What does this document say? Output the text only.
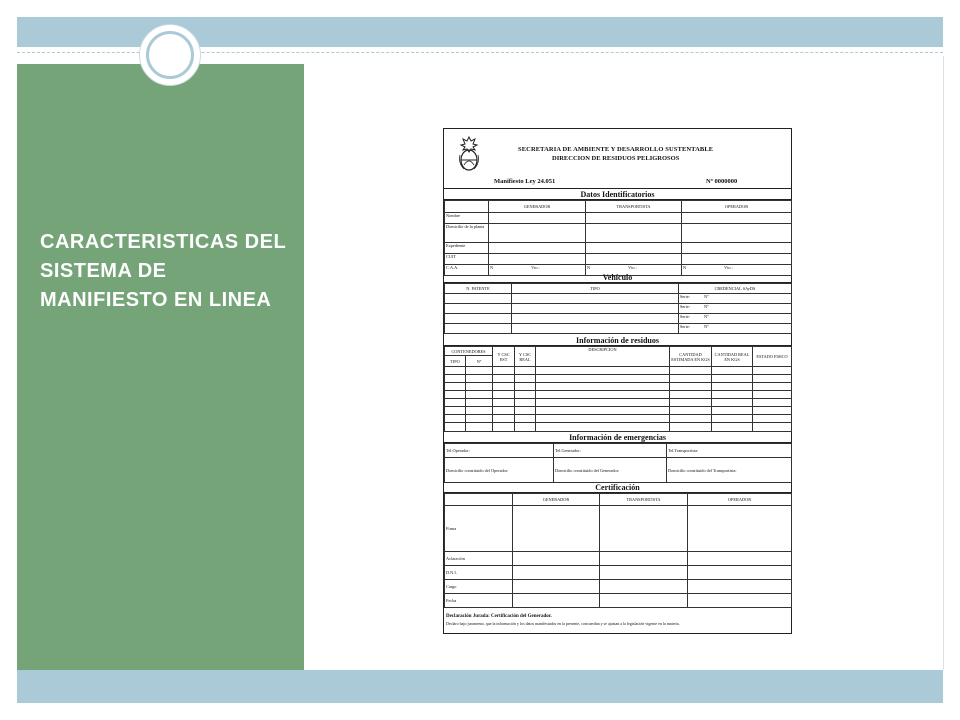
CARACTERISTICAS DEL SISTEMA DE MANIFIESTO EN LINEA
SECRETARIA DE AMBIENTE Y DESARROLLO SUSTENTABLE
DIRECCION DE RESIDUOS PELIGROSOS
Manifiesto Ley 24.051	Nº 0000000
Datos Identificatorios
	GENERADOR	TRANSPORTISTA	OPERADOR
Nombre			
Domicilio de la planta			
Expediente			
CUIT			
C.A.A.	N Vto.:	N Vto.:	N Vto.:
Vehículo
N. PATENTE	TIPO	CREDENCIAL SAyDS
		Serie: Nº
		Serie: Nº
		Serie: Nº
		Serie: Nº
Información de residuos
CONTENEDORES		Y CSC EST	Y CSC REAL	DESCRIPCION	CANTIDAD ESTIMADA EN KGS	CANTIDAD REAL EN KGS	ESTADO FISICO
TIPO	Nº						

Información de emergencias
Tel.Operador:	Tel.Generador:	Tel.Transportista:
Domicilio constituido del Operador:	Domicilio constituido del Generador:	Domicilio constituido del Transportista:
Certificación
	GENERADOR	TRANSPORTISTA	OPERADOR
Firma			
Aclaración			
D.N.I.			
Cargo			
Fecha			
Declaración Jurada: Certificación del Generador.
Declaro bajo juramento, que la información y los datos manifestados en la presente, concuerdan y se ajustan a la legislación vigente en la materia.
